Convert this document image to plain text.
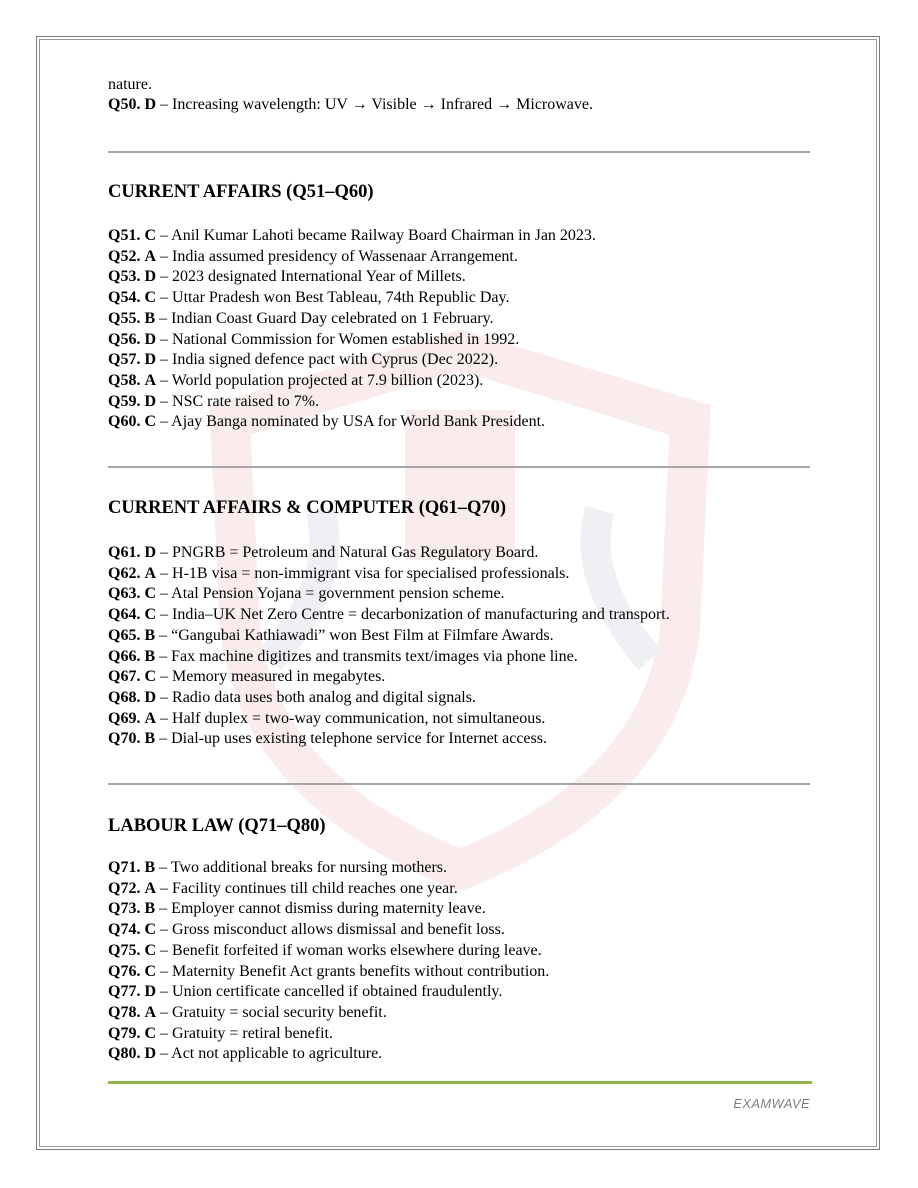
nature.
Q50. D – Increasing wavelength: UV → Visible → Infrared → Microwave.
CURRENT AFFAIRS (Q51–Q60)
Q51. C – Anil Kumar Lahoti became Railway Board Chairman in Jan 2023.
Q52. A – India assumed presidency of Wassenaar Arrangement.
Q53. D – 2023 designated International Year of Millets.
Q54. C – Uttar Pradesh won Best Tableau, 74th Republic Day.
Q55. B – Indian Coast Guard Day celebrated on 1 February.
Q56. D – National Commission for Women established in 1992.
Q57. D – India signed defence pact with Cyprus (Dec 2022).
Q58. A – World population projected at 7.9 billion (2023).
Q59. D – NSC rate raised to 7%.
Q60. C – Ajay Banga nominated by USA for World Bank President.
CURRENT AFFAIRS & COMPUTER (Q61–Q70)
Q61. D – PNGRB = Petroleum and Natural Gas Regulatory Board.
Q62. A – H-1B visa = non-immigrant visa for specialised professionals.
Q63. C – Atal Pension Yojana = government pension scheme.
Q64. C – India–UK Net Zero Centre = decarbonization of manufacturing and transport.
Q65. B – “Gangubai Kathiawadi” won Best Film at Filmfare Awards.
Q66. B – Fax machine digitizes and transmits text/images via phone line.
Q67. C – Memory measured in megabytes.
Q68. D – Radio data uses both analog and digital signals.
Q69. A – Half duplex = two-way communication, not simultaneous.
Q70. B – Dial-up uses existing telephone service for Internet access.
LABOUR LAW (Q71–Q80)
Q71. B – Two additional breaks for nursing mothers.
Q72. A – Facility continues till child reaches one year.
Q73. B – Employer cannot dismiss during maternity leave.
Q74. C – Gross misconduct allows dismissal and benefit loss.
Q75. C – Benefit forfeited if woman works elsewhere during leave.
Q76. C – Maternity Benefit Act grants benefits without contribution.
Q77. D – Union certificate cancelled if obtained fraudulently.
Q78. A – Gratuity = social security benefit.
Q79. C – Gratuity = retiral benefit.
Q80. D – Act not applicable to agriculture.
EXAMWAVE
